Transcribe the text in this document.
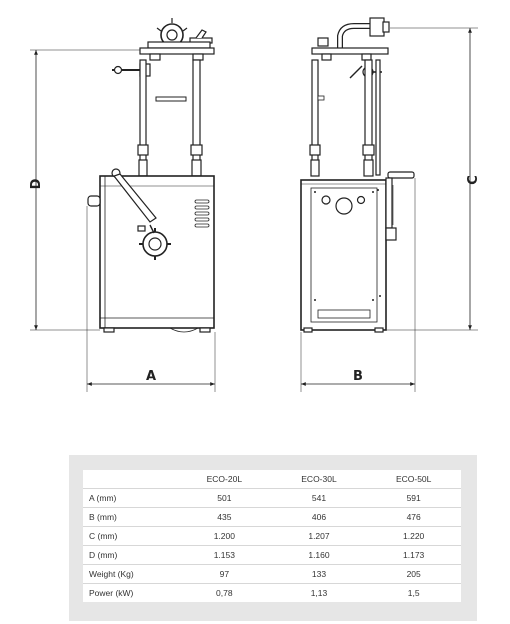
D
A
C
B
	ECO-20L	ECO-30L	ECO-50L
A (mm)	501	541	591
B (mm)	435	406	476
C (mm)	1.200	1.207	1.220
D (mm)	1.153	1.160	1.173
Weight (Kg)	97	133	205
Power (kW)	0,78	1,13	1,5
